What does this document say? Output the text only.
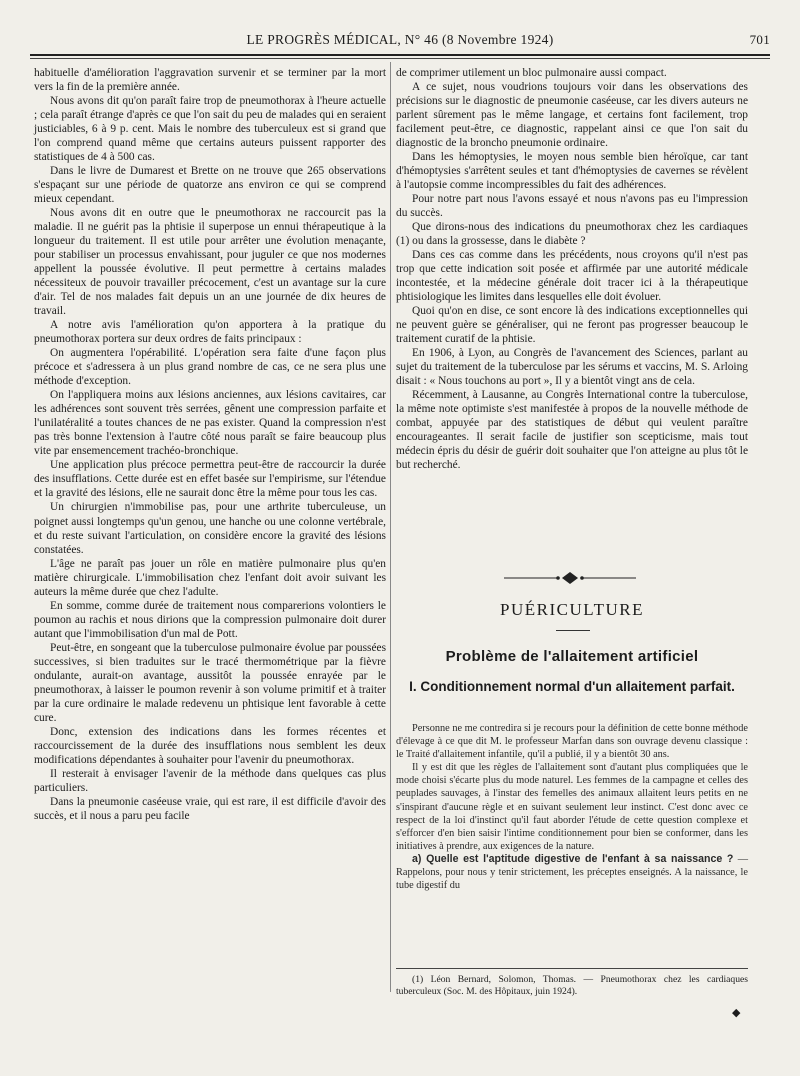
LE PROGRÈS MÉDICAL, N° 46 (8 Novembre 1924)	701

habituelle d'amélioration l'aggravation survenir et se terminer par la mort vers la fin de la première année.

Nous avons dit qu'on paraît faire trop de pneumothorax à l'heure actuelle ; cela paraît étrange d'après ce que l'on sait du peu de malades qui en seraient justiciables, 6 à 9 p. cent. Mais le nombre des tuberculeux est si grand que l'on comprend quand même que certains auteurs puissent rapporter des statistiques de 4 à 500 cas.

Dans le livre de Dumarest et Brette on ne trouve que 265 observations s'espaçant sur une période de quatorze ans environ ce qui se comprend mieux cependant.

Nous avons dit en outre que le pneumothorax ne raccourcit pas la maladie. Il ne guérit pas la phtisie il superpose un ennui thérapeutique à la longueur du traitement. Il est utile pour arrêter une évolution menaçante, pour stabiliser un processus envahissant, pour juguler ce que nos modernes appellent la poussée évolutive. Il peut permettre à certains malades nécessiteux de pouvoir travailler précocement, c'est un avantage sur la cure d'air. Tel de nos malades fait depuis un an une journée de dix heures de travail.

A notre avis l'amélioration qu'on apportera à la pratique du pneumothorax portera sur deux ordres de faits principaux :

On augmentera l'opérabilité. L'opération sera faite d'une façon plus précoce et s'adressera à un plus grand nombre de cas, ce ne sera plus une méthode d'exception.

On l'appliquera moins aux lésions anciennes, aux lésions cavitaires, car les adhérences sont souvent très serrées, gênent une compression parfaite et l'unilatéralité a toutes chances de ne pas exister. Quand la compression n'est pas très bonne l'extension à l'autre côté nous paraît se faire beaucoup plus vite par ensemencement trachéo-bronchique.

Une application plus précoce permettra peut-être de raccourcir la durée des insufflations. Cette durée est en effet basée sur l'empirisme, sur l'étendue et la gravité des lésions, elle ne saurait donc être la même pour tous les cas.

Un chirurgien n'immobilise pas, pour une arthrite tuberculeuse, un poignet aussi longtemps qu'un genou, une hanche ou une colonne vertébrale, et du reste suivant l'articulation, on considère encore la gravité des lésions constatées.

L'âge ne paraît pas jouer un rôle en matière pulmonaire plus qu'en matière chirurgicale. L'immobilisation chez l'enfant doit avoir suivant les auteurs la même durée que chez l'adulte.

En somme, comme durée de traitement nous comparerions volontiers le poumon au rachis et nous dirions que la compression pulmonaire doit durer autant que l'immobilisation d'un mal de Pott.

Peut-être, en songeant que la tuberculose pulmonaire évolue par poussées successives, si bien traduites sur le tracé thermométrique par la fièvre ondulante, aurait-on avantage, aussitôt la poussée enrayée par le pneumothorax, à laisser le poumon revenir à son volume primitif et à traiter par la cure ordinaire le malade redevenu un phtisique lent favorable à cette cure.

Donc, extension des indications dans les formes récentes et raccourcissement de la durée des insufflations nous semblent les deux modifications dépendantes à souhaiter pour l'avenir du pneumothorax.

Il resterait à envisager l'avenir de la méthode dans quelques cas plus particuliers.

Dans la pneumonie caséeuse vraie, qui est rare, il est difficile d'avoir des succès, et il nous a paru peu facile

de comprimer utilement un bloc pulmonaire aussi compact.

A ce sujet, nous voudrions toujours voir dans les observations des précisions sur le diagnostic de pneumonie caséeuse, car les divers auteurs ne parlent sûrement pas le même langage, et certains font facilement, trop facilement peut-être, ce diagnostic, rappelant ainsi ce que l'on sait du diagnostic de la broncho pneumonie ordinaire.

Dans les hémoptysies, le moyen nous semble bien héroïque, car tant d'hémoptysies s'arrêtent seules et tant d'hémoptysies de cavernes se révèlent à l'autopsie comme incompressibles du fait des adhérences.

Pour notre part nous l'avons essayé et nous n'avons pas eu l'impression du succès.

Que dirons-nous des indications du pneumothorax chez les cardiaques (1) ou dans la grossesse, dans le diabète ?

Dans ces cas comme dans les précédents, nous croyons qu'il n'est pas trop que cette indication soit posée et affirmée par une autorité médicale incontestée, et la médecine générale doit tracer ici à la thérapeutique phtisiologique les limites dans lesquelles elle doit évoluer.

Quoi qu'on en dise, ce sont encore là des indications exceptionnelles qui ne peuvent guère se généraliser, qui ne feront pas progresser beaucoup le traitement curatif de la phtisie.

En 1906, à Lyon, au Congrès de l'avancement des Sciences, parlant au sujet du traitement de la tuberculose par les sérums et vaccins, M. S. Arloing disait : « Nous touchons au port », Il y a bientôt vingt ans de cela.

Récemment, à Lausanne, au Congrès International contre la tuberculose, la même note optimiste s'est manifestée à propos de la nouvelle méthode de combat, appuyée par des statistiques de début qui veulent paraître encourageantes. Il serait facile de justifier son scepticisme, mais tout médecin épris du désir de guérir doit souhaiter que l'on atteigne au plus tôt le but recherché.

PUÉRICULTURE
Problème de l'allaitement artificiel
I. Conditionnement normal d'un allaitement parfait.

Personne ne me contredira si je recours pour la définition de cette bonne méthode d'élevage à ce que dit M. le professeur Marfan dans son ouvrage devenu classique : le Traité d'allaitement infantile, qu'il a publié, il y a bientôt 30 ans.

Il y est dit que les règles de l'allaitement sont d'autant plus compliquées que le mode choisi s'écarte plus du mode naturel. Les femmes de la campagne et celles des peuplades sauvages, à l'instar des femelles des animaux allaitent leurs petits en ne s'inspirant d'aucune règle et en suivant seulement leur instinct. C'est donc avec ce respect de la loi d'instinct qu'il faut aborder l'étude de cette question complexe et s'efforcer d'en bien saisir l'intime conditionnement pour bien se conformer, dans les initiatives à prendre, aux exigences de la nature.

a) Quelle est l'aptitude digestive de l'enfant à sa naissance ? — Rappelons, pour nous y tenir strictement, les préceptes enseignés. A la naissance, le tube digestif du

(1) Léon Bernard, Solomon, Thomas. — Pneumothorax chez les cardiaques tuberculeux (Soc. M. des Hôpitaux, juin 1924).

◆
